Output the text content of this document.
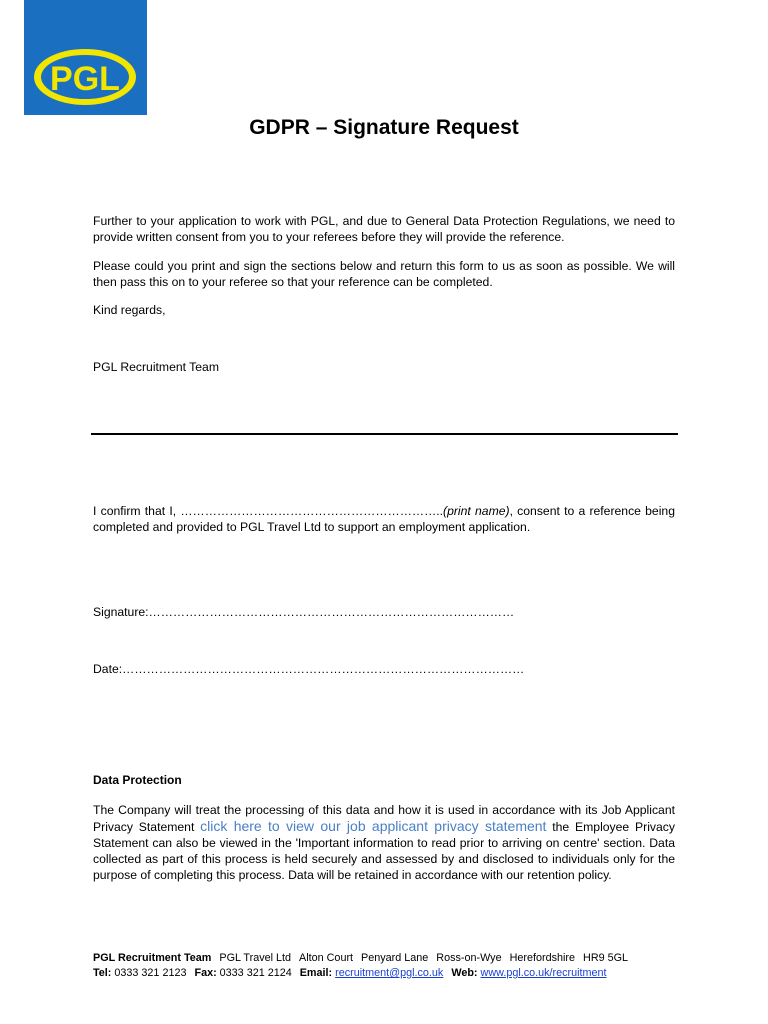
PGL
GDPR – Signature Request

Further to your application to work with PGL, and due to General Data Protection Regulations, we need to provide written consent from you to your referees before they will provide the reference.

Please could you print and sign the sections below and return this form to us as soon as possible. We will then pass this on to your referee so that your reference can be completed.

Kind regards,

PGL Recruitment Team

I confirm that I, ………………………………………………………..(print name), consent to a reference being completed and provided to PGL Travel Ltd to support an employment application.

Signature:………………………………………………………………………………

Date:………………………………………………………………………………………

Data Protection

The Company will treat the processing of this data and how it is used in accordance with its Job Applicant Privacy Statement click here to view our job applicant privacy statement the Employee Privacy Statement can also be viewed in the 'Important information to read prior to arriving on centre' section. Data collected as part of this process is held securely and assessed by and disclosed to individuals only for the purpose of completing this process. Data will be retained in accordance with our retention policy.

PGL Recruitment Team PGL Travel Ltd Alton Court Penyard Lane Ross-on-Wye Herefordshire HR9 5GL

Tel: 0333 321 2123 Fax: 0333 321 2124 Email: recruitment@pgl.co.uk Web: www.pgl.co.uk/recruitment
